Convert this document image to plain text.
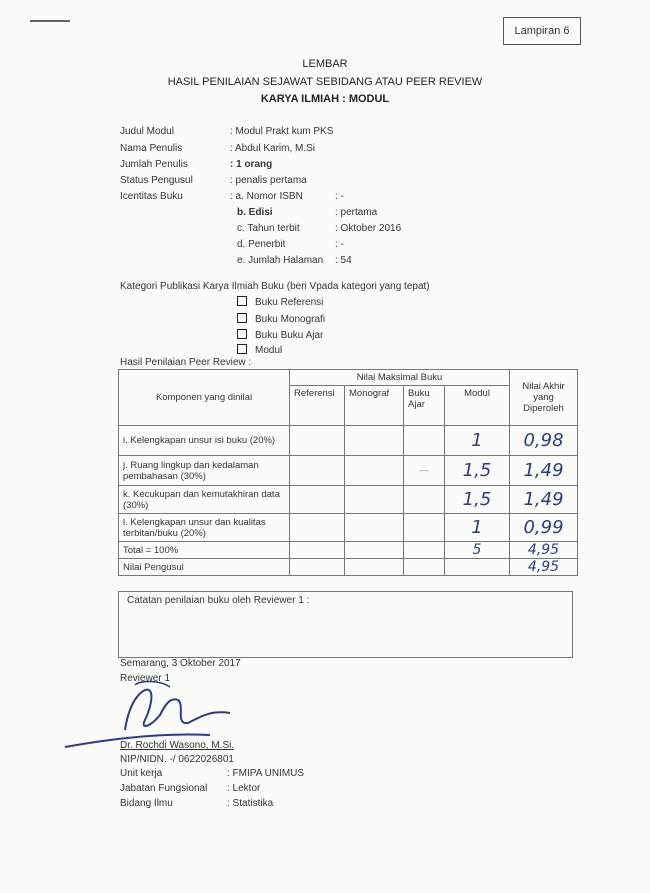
Lampiran 6
LEMBAR
HASIL PENILAIAN SEJAWAT SEBIDANG ATAU PEER REVIEW
KARYA ILMIAH : MODUL
Judul Modul	: Modul Prakt kum PKS
Nama Penulis	: Abdul Karim, M.Si
Jumlah Penulis	: 1 orang
Status Pengusul	: penalis pertama
Icentitas Buku	: a. Nomor ISBN	: -
b. Edisi	: pertama
c. Tahun terbit	: Oktober 2016
d. Penerbit	: -
e. Jumlah Halaman : 54
Kategori Publikasi Karya Ilmiah Buku (beri Vpada kategori yang tepat)
Buku Referensi
Buku Monografi
Buku Buku Ajar
Modul
Hasil Penilaian Peer Review :
Komponen yang dinilai	Nilai Maksimal Buku				Nilai Akhir yang Diperoleh
	Referensi	Monograf	Buku Ajar	Modul	
i. Kelengkapan unsur isi buku (20%)				1	0,98
j. Ruang lingkup dan kedalaman pembahasan (30%)			—	1,5	1,49
k. Kecukupan dan kemutakhiran data (30%)				1,5	1,49
l. Kelengkapan unsur dan kualitas terbitan/buku (20%)				1	0,99
Total = 100%				5	4,95
Nilai Pengusul					4,95
Catatan penilaian buku oleh Reviewer 1 :
Semarang, 3 Oktober 2017
Reviewer 1
Dr. Rochdi Wasono, M.Si.
NIP/NIDN. -/ 0622026801
Unit kerja	: FMIPA UNIMUS
Jabatan Fungsional : Lektor
Bidang Ilmu	: Statistika
